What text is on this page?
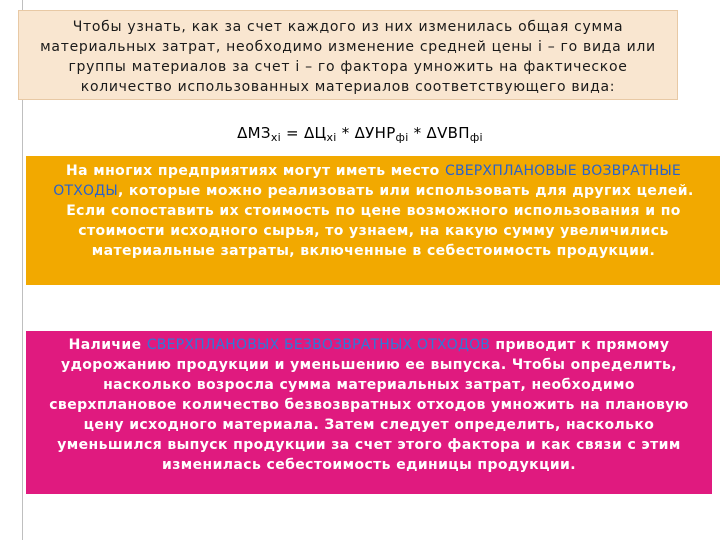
Чтобы узнать, как за счет каждого из них изменилась общая сумма материальных затрат, необходимо изменение средней цены i – го вида или группы материалов за счет i – го фактора умножить на фактическое количество использованных материалов соответствующего вида:
$\Delta МЗ_{xi} = \Delta Ц_{xi} * \Delta УНР_{фi} * \Delta VВП_{фi}$
На многих предприятиях могут иметь место СВЕРХПЛАНОВЫЕ ВОЗВРАТНЫЕ ОТХОДЫ, которые можно реализовать или использовать для других целей. Если сопоставить их стоимость по цене возможного использования и по стоимости исходного сырья, то узнаем, на какую сумму увеличились материальные затраты, включенные в себестоимость продукции.
Наличие СВЕРХПЛАНОВЫХ БЕЗВОЗВРАТНЫХ ОТХОДОВ приводит к прямому удорожанию продукции и уменьшению ее выпуска. Чтобы определить, насколько возросла сумма материальных затрат, необходимо сверхплановое количество безвозвратных отходов умножить на плановую цену исходного материала. Затем следует определить, насколько уменьшился выпуск продукции за счет этого фактора и как связи с этим изменилась себестоимость единицы продукции.
